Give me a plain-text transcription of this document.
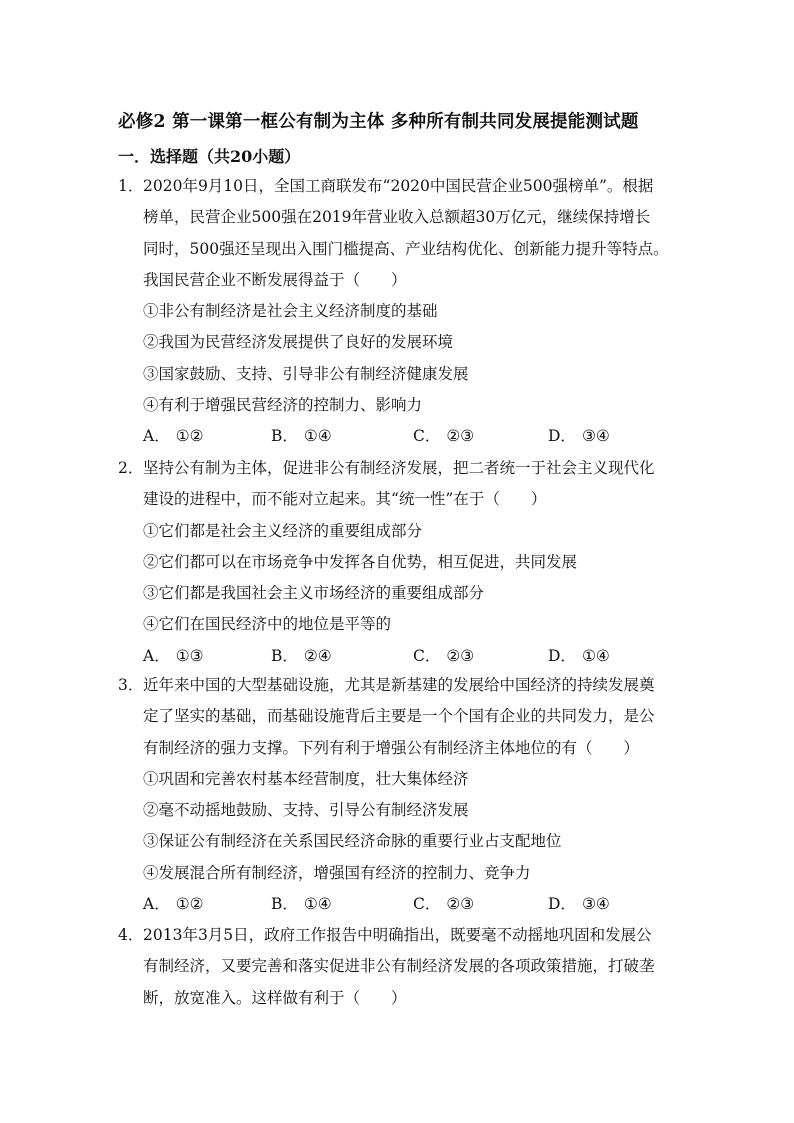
必修2 第一课第一框公有制为主体 多种所有制共同发展提能测试题
一．选择题（共20小题）
1．2020年9月10日，全国工商联发布“2020中国民营企业500强榜单”。根据
榜单，民营企业500强在2019年营业收入总额超30万亿元，继续保持增长
同时，500强还呈现出入围门槛提高、产业结构优化、创新能力提升等特点。
我国民营企业不断发展得益于（　　）
①非公有制经济是社会主义经济制度的基础
②我国为民营经济发展提供了良好的发展环境
③国家鼓励、支持、引导非公有制经济健康发展
④有利于增强民营经济的控制力、影响力
A． ①②	B． ①④	C． ②③	D． ③④
2．坚持公有制为主体，促进非公有制经济发展，把二者统一于社会主义现代化
建设的进程中，而不能对立起来。其“统一性”在于（　　）
①它们都是社会主义经济的重要组成部分
②它们都可以在市场竞争中发挥各自优势，相互促进，共同发展
③它们都是我国社会主义市场经济的重要组成部分
④它们在国民经济中的地位是平等的
A． ①③	B． ②④	C． ②③	D． ①④
3．近年来中国的大型基础设施，尤其是新基建的发展给中国经济的持续发展奠
定了坚实的基础，而基础设施背后主要是一个个国有企业的共同发力，是公
有制经济的强力支撑。下列有利于增强公有制经济主体地位的有（　　）
①巩固和完善农村基本经营制度，壮大集体经济
②毫不动摇地鼓励、支持、引导公有制经济发展
③保证公有制经济在关系国民经济命脉的重要行业占支配地位
④发展混合所有制经济，增强国有经济的控制力、竞争力
A． ①②	B． ①④	C． ②③	D． ③④
4．2013年3月5日，政府工作报告中明确指出，既要毫不动摇地巩固和发展公
有制经济，又要完善和落实促进非公有制经济发展的各项政策措施，打破垄
断，放宽准入。这样做有利于（　　）
